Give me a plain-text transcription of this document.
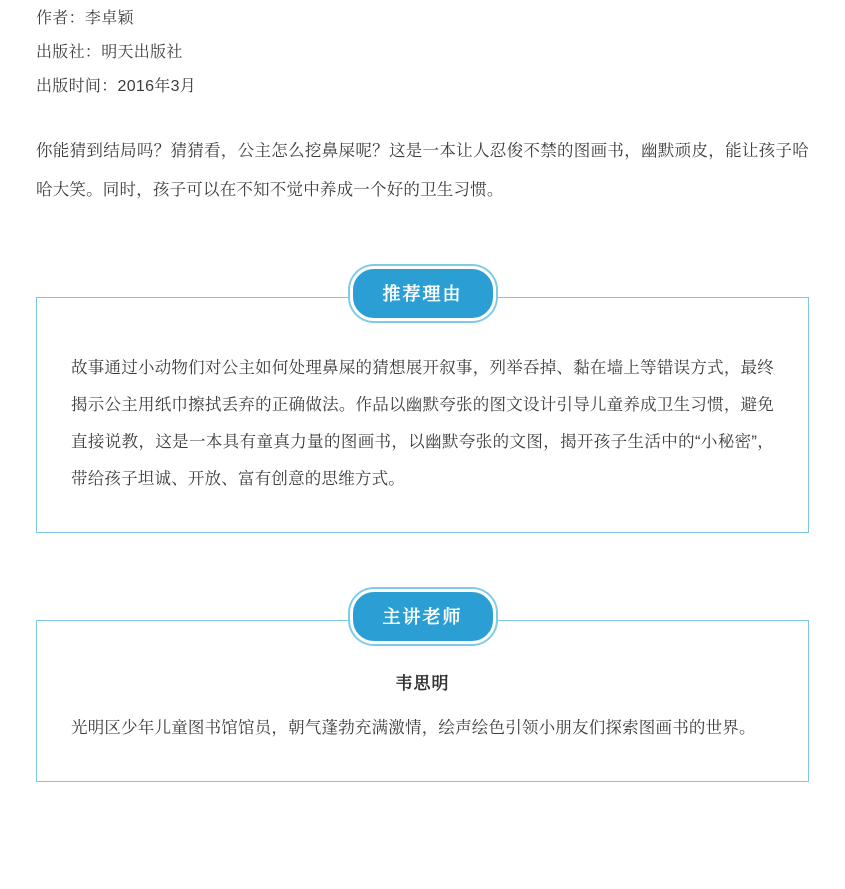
作者：李卓颖
出版社：明天出版社
出版时间：2016年3月
你能猜到结局吗？猜猜看，公主怎么挖鼻屎呢？这是一本让人忍俊不禁的图画书，幽默顽皮，能让孩子哈哈大笑。同时，孩子可以在不知不觉中养成一个好的卫生习惯。
推荐理由
故事通过小动物们对公主如何处理鼻屎的猜想展开叙事，列举吞掉、黏在墙上等错误方式，最终揭示公主用纸巾擦拭丢弃的正确做法。作品以幽默夸张的图文设计引导儿童养成卫生习惯，避免直接说教，这是一本具有童真力量的图画书，以幽默夸张的文图，揭开孩子生活中的“小秘密”，带给孩子坦诚、开放、富有创意的思维方式。
主讲老师
韦思明
光明区少年儿童图书馆馆员，朝气蓬勃充满激情，绘声绘色引领小朋友们探索图画书的世界。
